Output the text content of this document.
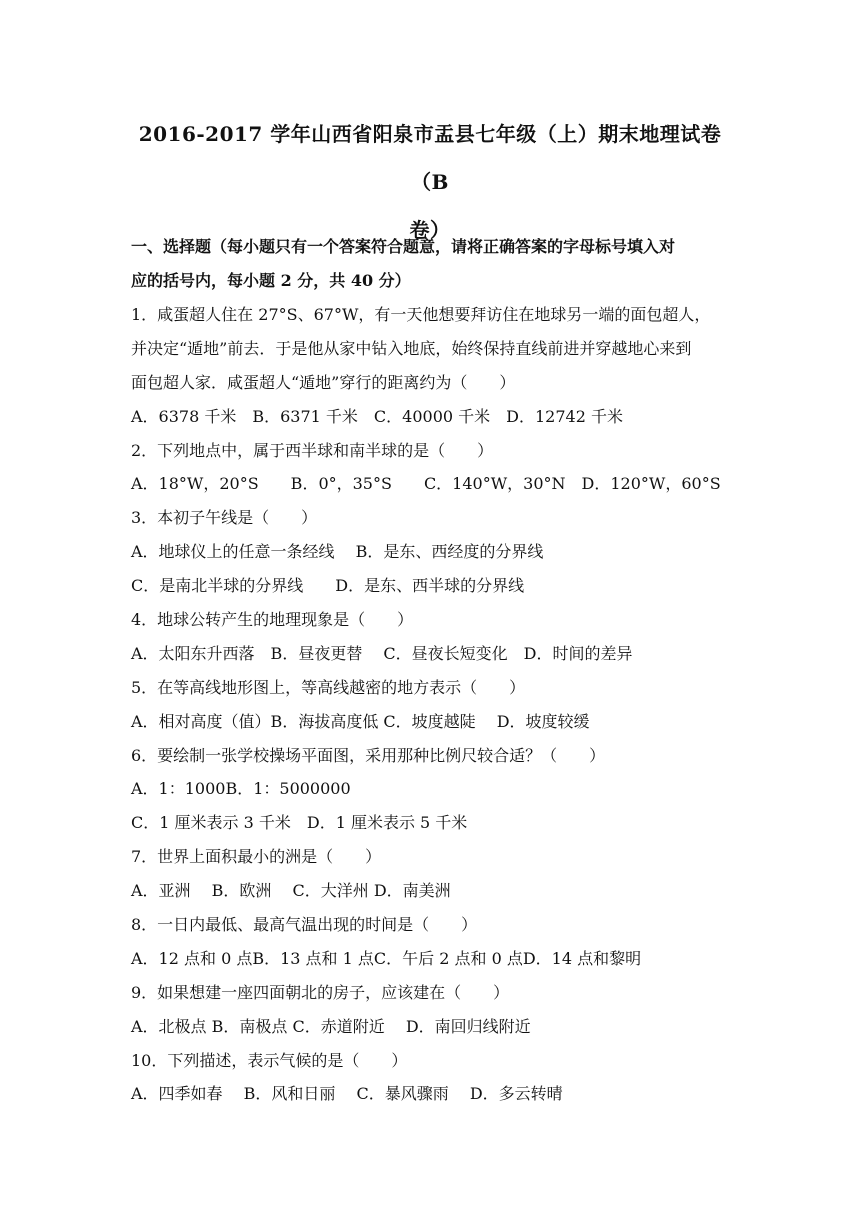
2016-2017 学年山西省阳泉市盂县七年级（上）期末地理试卷（B
卷）
一、选择题（每小题只有一个答案符合题意，请将正确答案的字母标号填入对
应的括号内，每小题 2 分，共 40 分）
1．咸蛋超人住在 27°S、67°W，有一天他想要拜访住在地球另一端的面包超人，
并决定“遁地”前去．于是他从家中钻入地底，始终保持直线前进并穿越地心来到
面包超人家．咸蛋超人“遁地”穿行的距离约为（　　）
A．6378 千米　B．6371 千米　C．40000 千米　D．12742 千米
2．下列地点中，属于西半球和南半球的是（　　）
A．18°W，20°S　　B．0°，35°S　　C．140°W，30°N　D．120°W，60°S
3．本初子午线是（　　）
A．地球仪上的任意一条经线　 B．是东、西经度的分界线
C．是南北半球的分界线　　D．是东、西半球的分界线
4．地球公转产生的地理现象是（　　）
A．太阳东升西落　B．昼夜更替　 C．昼夜长短变化　D．时间的差异
5．在等高线地形图上，等高线越密的地方表示（　　）
A．相对高度（值）B．海拔高度低 C．坡度越陡　 D．坡度较缓
6．要绘制一张学校操场平面图，采用那种比例尺较合适？（　　）
A．1：1000B．1：5000000
C．1 厘米表示 3 千米　D．1 厘米表示 5 千米
7．世界上面积最小的洲是（　　）
A．亚洲　 B．欧洲　 C．大洋州 D．南美洲
8．一日内最低、最高气温出现的时间是（　　）
A．12 点和 0 点B．13 点和 1 点C．午后 2 点和 0 点D．14 点和黎明
9．如果想建一座四面朝北的房子，应该建在（　　）
A．北极点 B．南极点 C．赤道附近　 D．南回归线附近
10．下列描述，表示气候的是（　　）
A．四季如春　 B．风和日丽　 C．暴风骤雨　 D．多云转晴
